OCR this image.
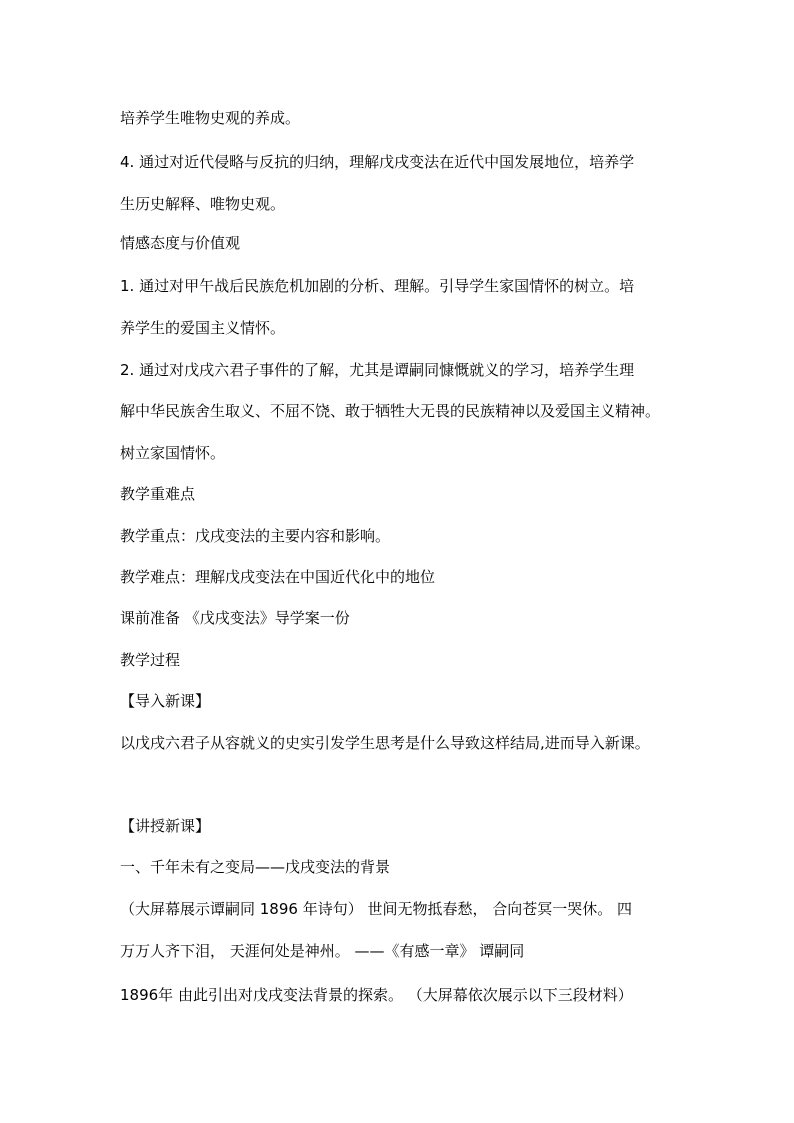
培养学生唯物史观的养成。
4. 通过对近代侵略与反抗的归纳，理解戊戌变法在近代中国发展地位，培养学
生历史解释、唯物史观。
情感态度与价值观
1. 通过对甲午战后民族危机加剧的分析、理解。引导学生家国情怀的树立。培
养学生的爱国主义情怀。
2. 通过对戊戌六君子事件的了解，尤其是谭嗣同慷慨就义的学习，培养学生理
解中华民族舍生取义、不屈不饶、敢于牺牲大无畏的民族精神以及爱国主义精神。
树立家国情怀。
教学重难点
教学重点：戊戌变法的主要内容和影响。
教学难点：理解戊戌变法在中国近代化中的地位
课前准备 《戊戌变法》导学案一份
教学过程
【导入新课】
以戊戌六君子从容就义的史实引发学生思考是什么导致这样结局,进而导入新课。
【讲授新课】
一、千年未有之变局——戊戌变法的背景
（大屏幕展示谭嗣同 1896 年诗句） 世间无物抵春愁， 合向苍冥一哭休。 四
万万人齐下泪， 天涯何处是神州。 ——《有感一章》 谭嗣同
1896年 由此引出对戊戌变法背景的探索。 （大屏幕依次展示以下三段材料）
